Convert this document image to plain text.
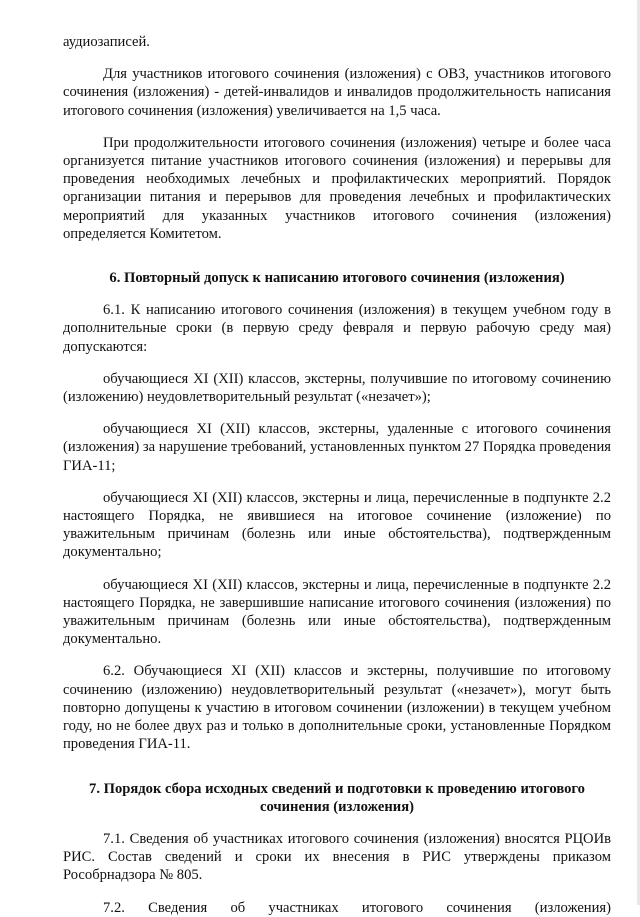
аудиозаписей.

Для участников итогового сочинения (изложения) с ОВЗ, участников итогового сочинения (изложения) - детей-инвалидов и инвалидов продолжительность написания итогового сочинения (изложения) увеличивается на 1,5 часа.

При продолжительности итогового сочинения (изложения) четыре и более часа организуется питание участников итогового сочинения (изложения) и перерывы для проведения необходимых лечебных и профилактических мероприятий. Порядок организации питания и перерывов для проведения лечебных и профилактических мероприятий для указанных участников итогового сочинения (изложения) определяется Комитетом.

6. Повторный допуск к написанию итогового сочинения (изложения)

6.1. К написанию итогового сочинения (изложения) в текущем учебном году в дополнительные сроки (в первую среду февраля и первую рабочую среду мая) допускаются:

обучающиеся XI (XII) классов, экстерны, получившие по итоговому сочинению (изложению) неудовлетворительный результат («незачет»);

обучающиеся XI (XII) классов, экстерны, удаленные с итогового сочинения (изложения) за нарушение требований, установленных пунктом 27 Порядка проведения ГИА-11;

обучающиеся XI (XII) классов, экстерны и лица, перечисленные в подпункте 2.2 настоящего Порядка, не явившиеся на итоговое сочинение (изложение) по уважительным причинам (болезнь или иные обстоятельства), подтвержденным документально;

обучающиеся XI (XII) классов, экстерны и лица, перечисленные в подпункте 2.2 настоящего Порядка, не завершившие написание итогового сочинения (изложения) по уважительным причинам (болезнь или иные обстоятельства), подтвержденным документально.

6.2. Обучающиеся XI (XII) классов и экстерны, получившие по итоговому сочинению (изложению) неудовлетворительный результат («незачет»), могут быть повторно допущены к участию в итоговом сочинении (изложении) в текущем учебном году, но не более двух раз и только в дополнительные сроки, установленные Порядком проведения ГИА-11.

7. Порядок сбора исходных сведений и подготовки к проведению итогового сочинения (изложения)

7.1. Сведения об участниках итогового сочинения (изложения) вносятся РЦОИв РИС. Состав сведений и сроки их внесения в РИС утверждены приказом Рособрнадзора № 805.

7.2. Сведения об участниках итогового сочинения (изложения)
